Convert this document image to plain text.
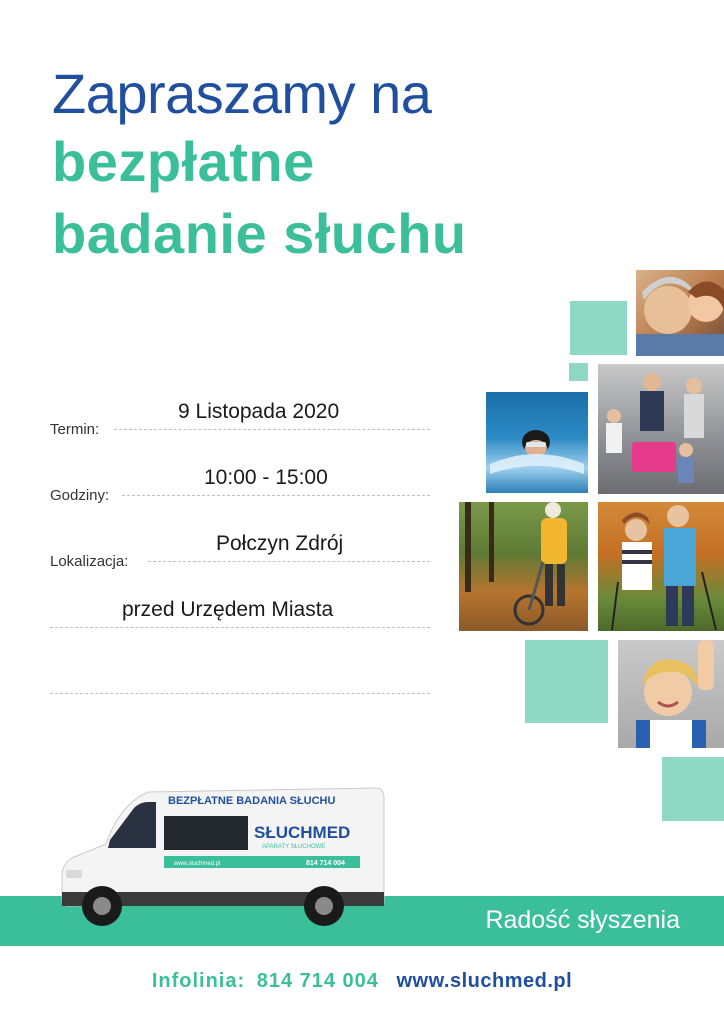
Zapraszamy na
bezpłatne
badanie słuchu
Termin:
9 Listopada 2020
Godziny:
10:00 - 15:00
Lokalizacja:
Połczyn Zdrój
przed Urzędem Miasta
Radość słyszenia
BEZPŁATNE BADANIA SŁUCHU
SŁUCHMED
APARATY SŁUCHOWE
www.sluchmed.pl	814 714 004
Infolinia: 814 714 004 www.sluchmed.pl
